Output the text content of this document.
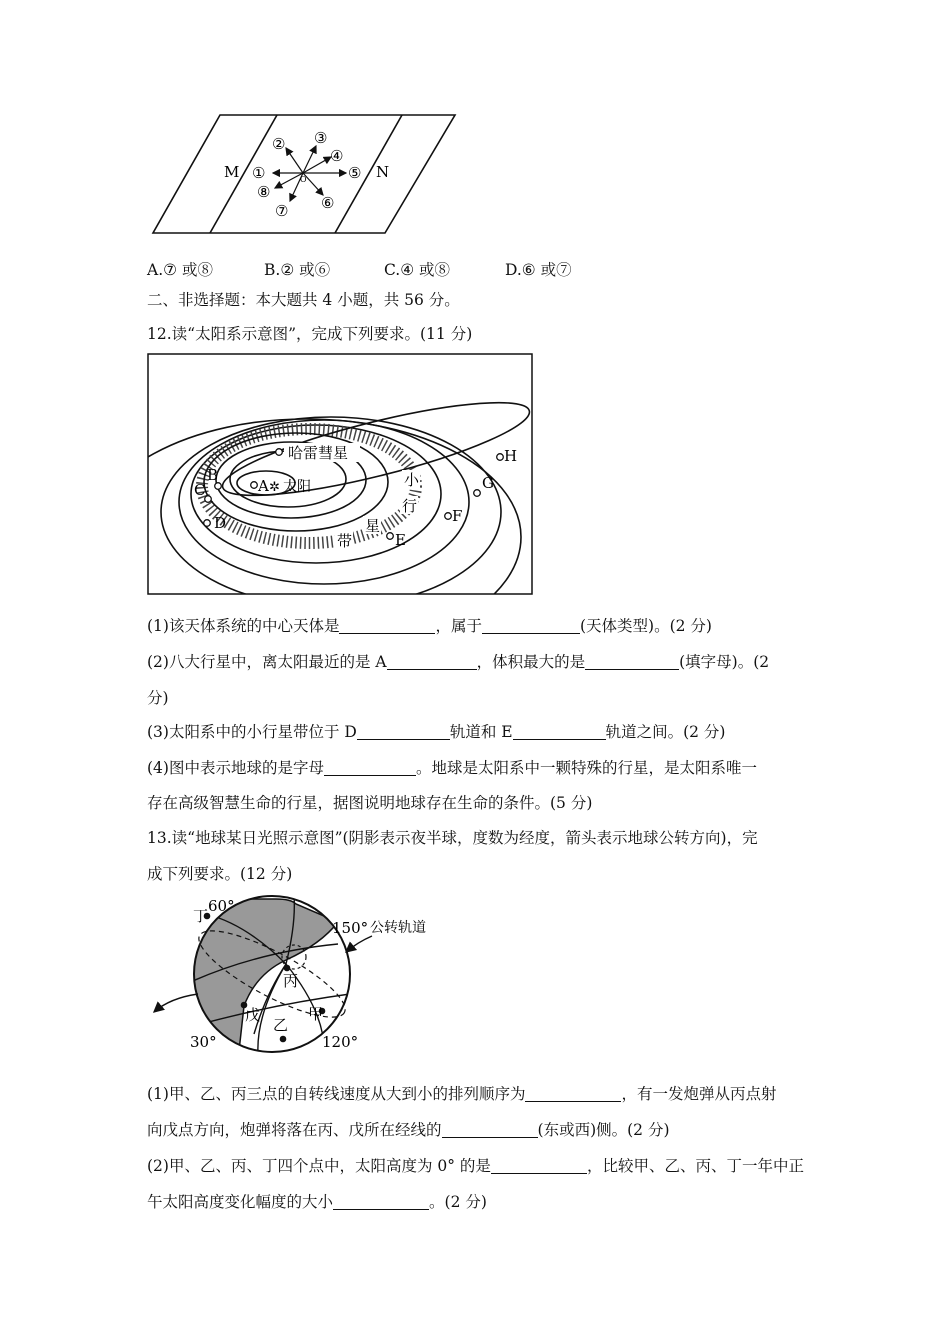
M	N
O
①
② ③
④
⑤
⑥
⑦
⑧
A.⑦ 或⑧	B.② 或⑥	C.④ 或⑧	D.⑥ 或⑦
二、非选择题：本大题共 4 小题，共 56 分。
12.读“太阳系示意图”，完成下列要求。(11 分)
哈雷彗星
A ✲ 太阳
B
C
D
E
F
G
H
小
行
星
带
(1)该天体系统的中心天体是	，属于	(天体类型)。(2 分)
(2)八大行星中，离太阳最近的是 A	，体积最大的是	(填字母)。(2
分)
(3)太阳系中的小行星带位于 D	轨道和 E	轨道之间。(2 分)
(4)图中表示地球的是字母	。地球是太阳系中一颗特殊的行星，是太阳系唯一
存在高级智慧生命的行星，据图说明地球存在生命的条件。(5 分)
13.读“地球某日光照示意图”(阴影表示夜半球，度数为经度，箭头表示地球公转方向)，完
成下列要求。(12 分)
60°
丁
150° 公转轨道
丙
戊
乙
甲
30°	120°
(1)甲、乙、丙三点的自转线速度从大到小的排列顺序为	，有一发炮弹从丙点射
向戊点方向，炮弹将落在丙、戊所在经线的	(东或西)侧。(2 分)
(2)甲、乙、丙、丁四个点中，太阳高度为 0° 的是	，比较甲、乙、丙、丁一年中正
午太阳高度变化幅度的大小	。(2 分)
